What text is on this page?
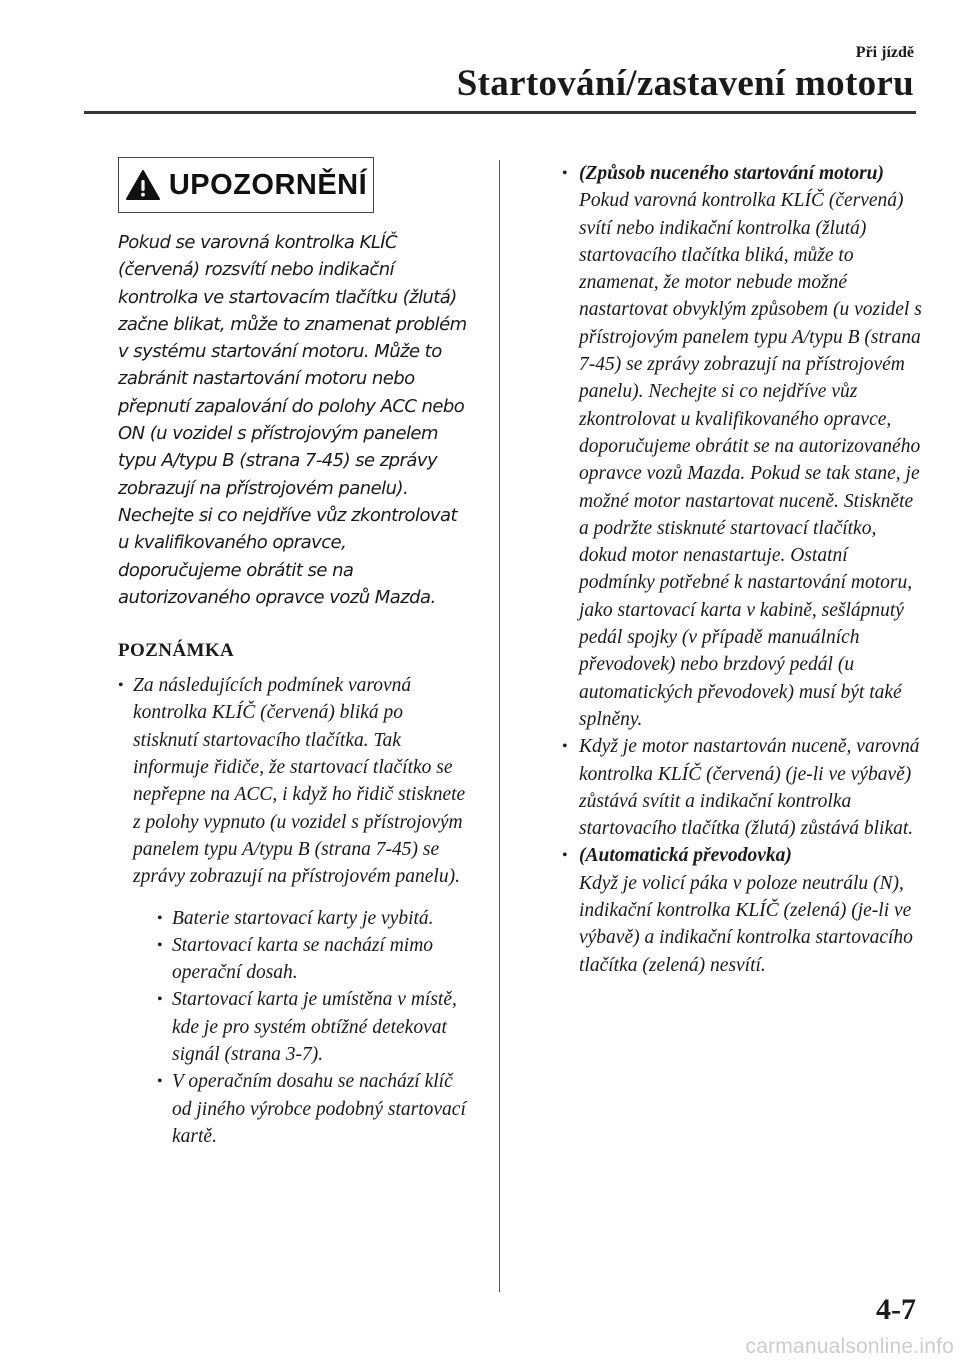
Při jízdě
Startování/zastavení motoru
UPOZORNĚNÍ
Pokud se varovná kontrolka KLÍČ (červená) rozsvítí nebo indikační kontrolka ve startovacím tlačítku (žlutá) začne blikat, může to znamenat problém v systému startování motoru. Může to zabránit nastartování motoru nebo přepnutí zapalování do polohy ACC nebo ON (u vozidel s přístrojovým panelem typu A/typu B (strana 7-45) se zprávy zobrazují na přístrojovém panelu). Nechejte si co nejdříve vůz zkontrolovat u kvalifikovaného opravce, doporučujeme obrátit se na autorizovaného opravce vozů Mazda.
POZNÁMKA
• Za následujících podmínek varovná kontrolka KLÍČ (červená) bliká po stisknutí startovacího tlačítka. Tak informuje řidiče, že startovací tlačítko se nepřepne na ACC, i když ho řidič stisknete z polohy vypnuto (u vozidel s přístrojovým panelem typu A/typu B (strana 7-45) se zprávy zobrazují na přístrojovém panelu).
• Baterie startovací karty je vybitá.
• Startovací karta se nachází mimo operační dosah.
• Startovací karta je umístěna v místě, kde je pro systém obtížné detekovat signál (strana 3-7).
• V operačním dosahu se nachází klíč od jiného výrobce podobný startovací kartě.
• (Způsob nuceného startování motoru)
Pokud varovná kontrolka KLÍČ (červená) svítí nebo indikační kontrolka (žlutá) startovacího tlačítka bliká, může to znamenat, že motor nebude možné nastartovat obvyklým způsobem (u vozidel s přístrojovým panelem typu A/typu B (strana 7-45) se zprávy zobrazují na přístrojovém panelu). Nechejte si co nejdříve vůz zkontrolovat u kvalifikovaného opravce, doporučujeme obrátit se na autorizovaného opravce vozů Mazda. Pokud se tak stane, je možné motor nastartovat nuceně. Stiskněte a podržte stisknuté startovací tlačítko, dokud motor nenastartuje. Ostatní podmínky potřebné k nastartování motoru, jako startovací karta v kabině, sešlápnutý pedál spojky (v případě manuálních převodovek) nebo brzdový pedál (u automatických převodovek) musí být také splněny.
• Když je motor nastartován nuceně, varovná kontrolka KLÍČ (červená) (je-li ve výbavě) zůstává svítit a indikační kontrolka startovacího tlačítka (žlutá) zůstává blikat.
• (Automatická převodovka)
Když je volicí páka v poloze neutrálu (N), indikační kontrolka KLÍČ (zelená) (je-li ve výbavě) a indikační kontrolka startovacího tlačítka (zelená) nesvítí.
4-7
carmanualsonline.info
